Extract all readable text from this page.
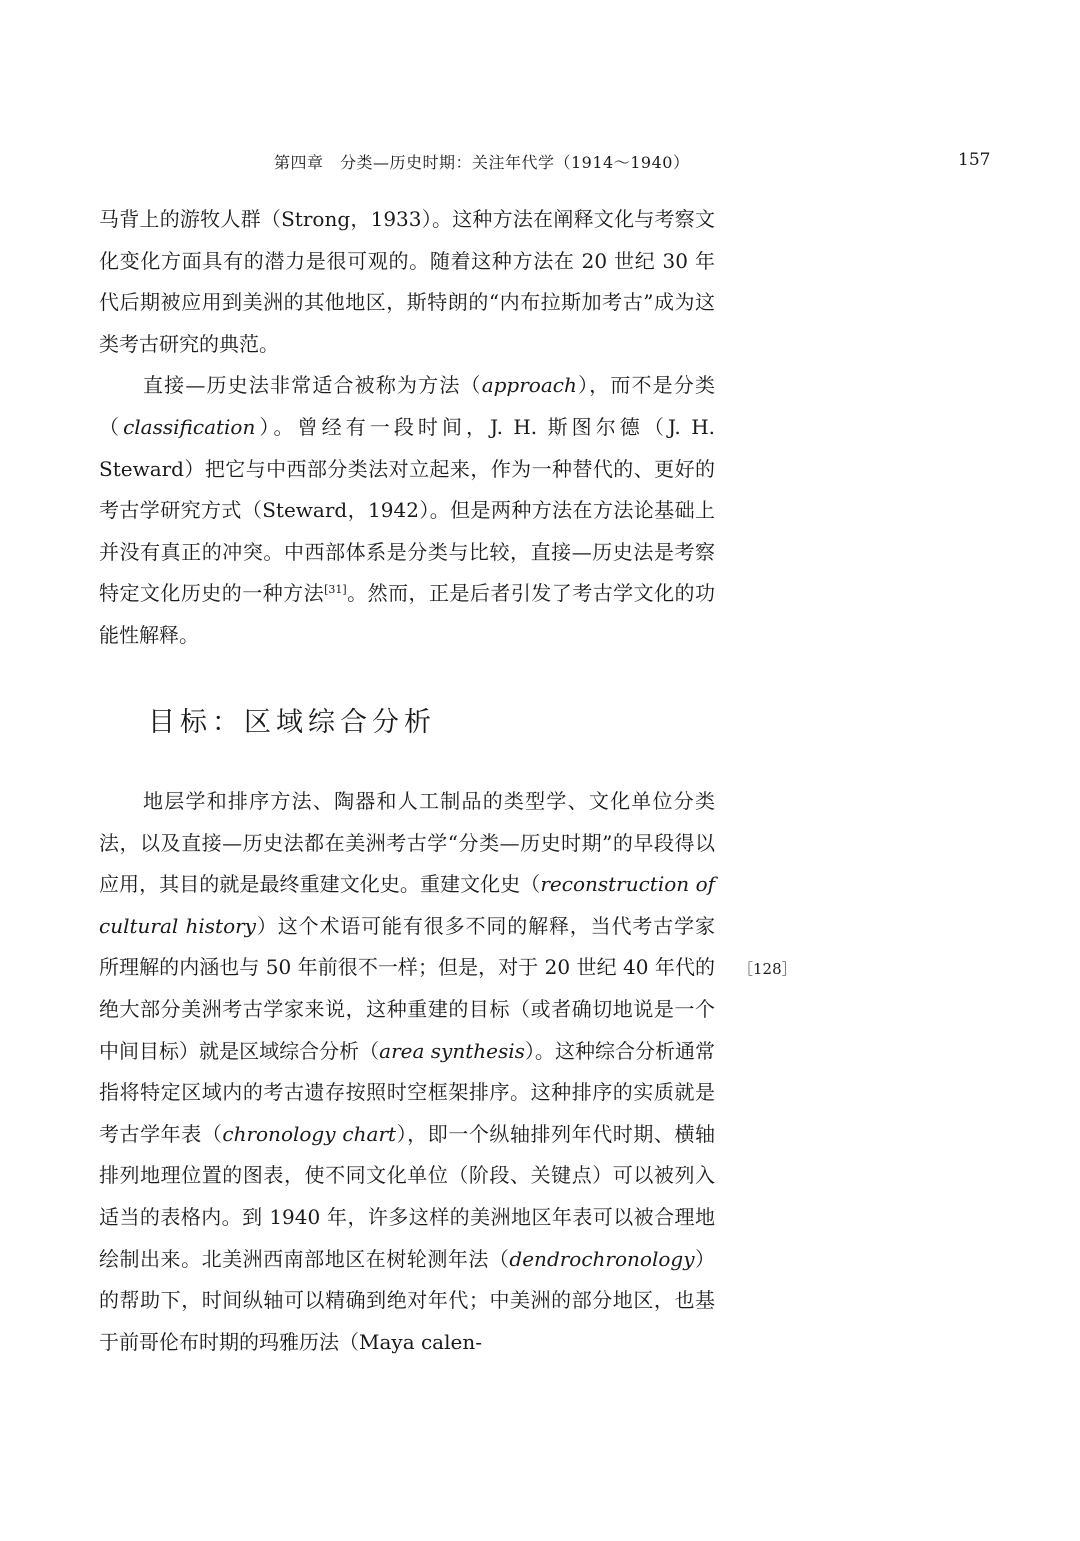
第四章　分类—历史时期：关注年代学（1914～1940）	157

马背上的游牧人群（Strong，1933）。这种方法在阐释文化与考察文化变化方面具有的潜力是很可观的。随着这种方法在 20 世纪 30 年代后期被应用到美洲的其他地区，斯特朗的“内布拉斯加考古”成为这类考古研究的典范。

直接—历史法非常适合被称为方法（approach），而不是分类（classification）。曾经有一段时间，J. H. 斯图尔德（J. H. Steward）把它与中西部分类法对立起来，作为一种替代的、更好的考古学研究方式（Steward，1942）。但是两种方法在方法论基础上并没有真正的冲突。中西部体系是分类与比较，直接—历史法是考察特定文化历史的一种方法[31]。然而，正是后者引发了考古学文化的功能性解释。

目标：区域综合分析

地层学和排序方法、陶器和人工制品的类型学、文化单位分类法，以及直接—历史法都在美洲考古学“分类—历史时期”的早段得以应用，其目的就是最终重建文化史。重建文化史（reconstruction of cultural history）这个术语可能有很多不同的解释，当代考古学家所理解的内涵也与 50 年前很不一样；但是，对于 20 世纪 40 年代的绝大部分美洲考古学家来说，这种重建的目标（或者确切地说是一个中间目标）就是区域综合分析（area synthesis）。这种综合分析通常指将特定区域内的考古遗存按照时空框架排序。这种排序的实质就是考古学年表（chronology chart），即一个纵轴排列年代时期、横轴排列地理位置的图表，使不同文化单位（阶段、关键点）可以被列入适当的表格内。到 1940 年，许多这样的美洲地区年表可以被合理地绘制出来。北美洲西南部地区在树轮测年法（dendrochronology）的帮助下，时间纵轴可以精确到绝对年代；中美洲的部分地区，也基于前哥伦布时期的玛雅历法（Maya calen-

［128］
